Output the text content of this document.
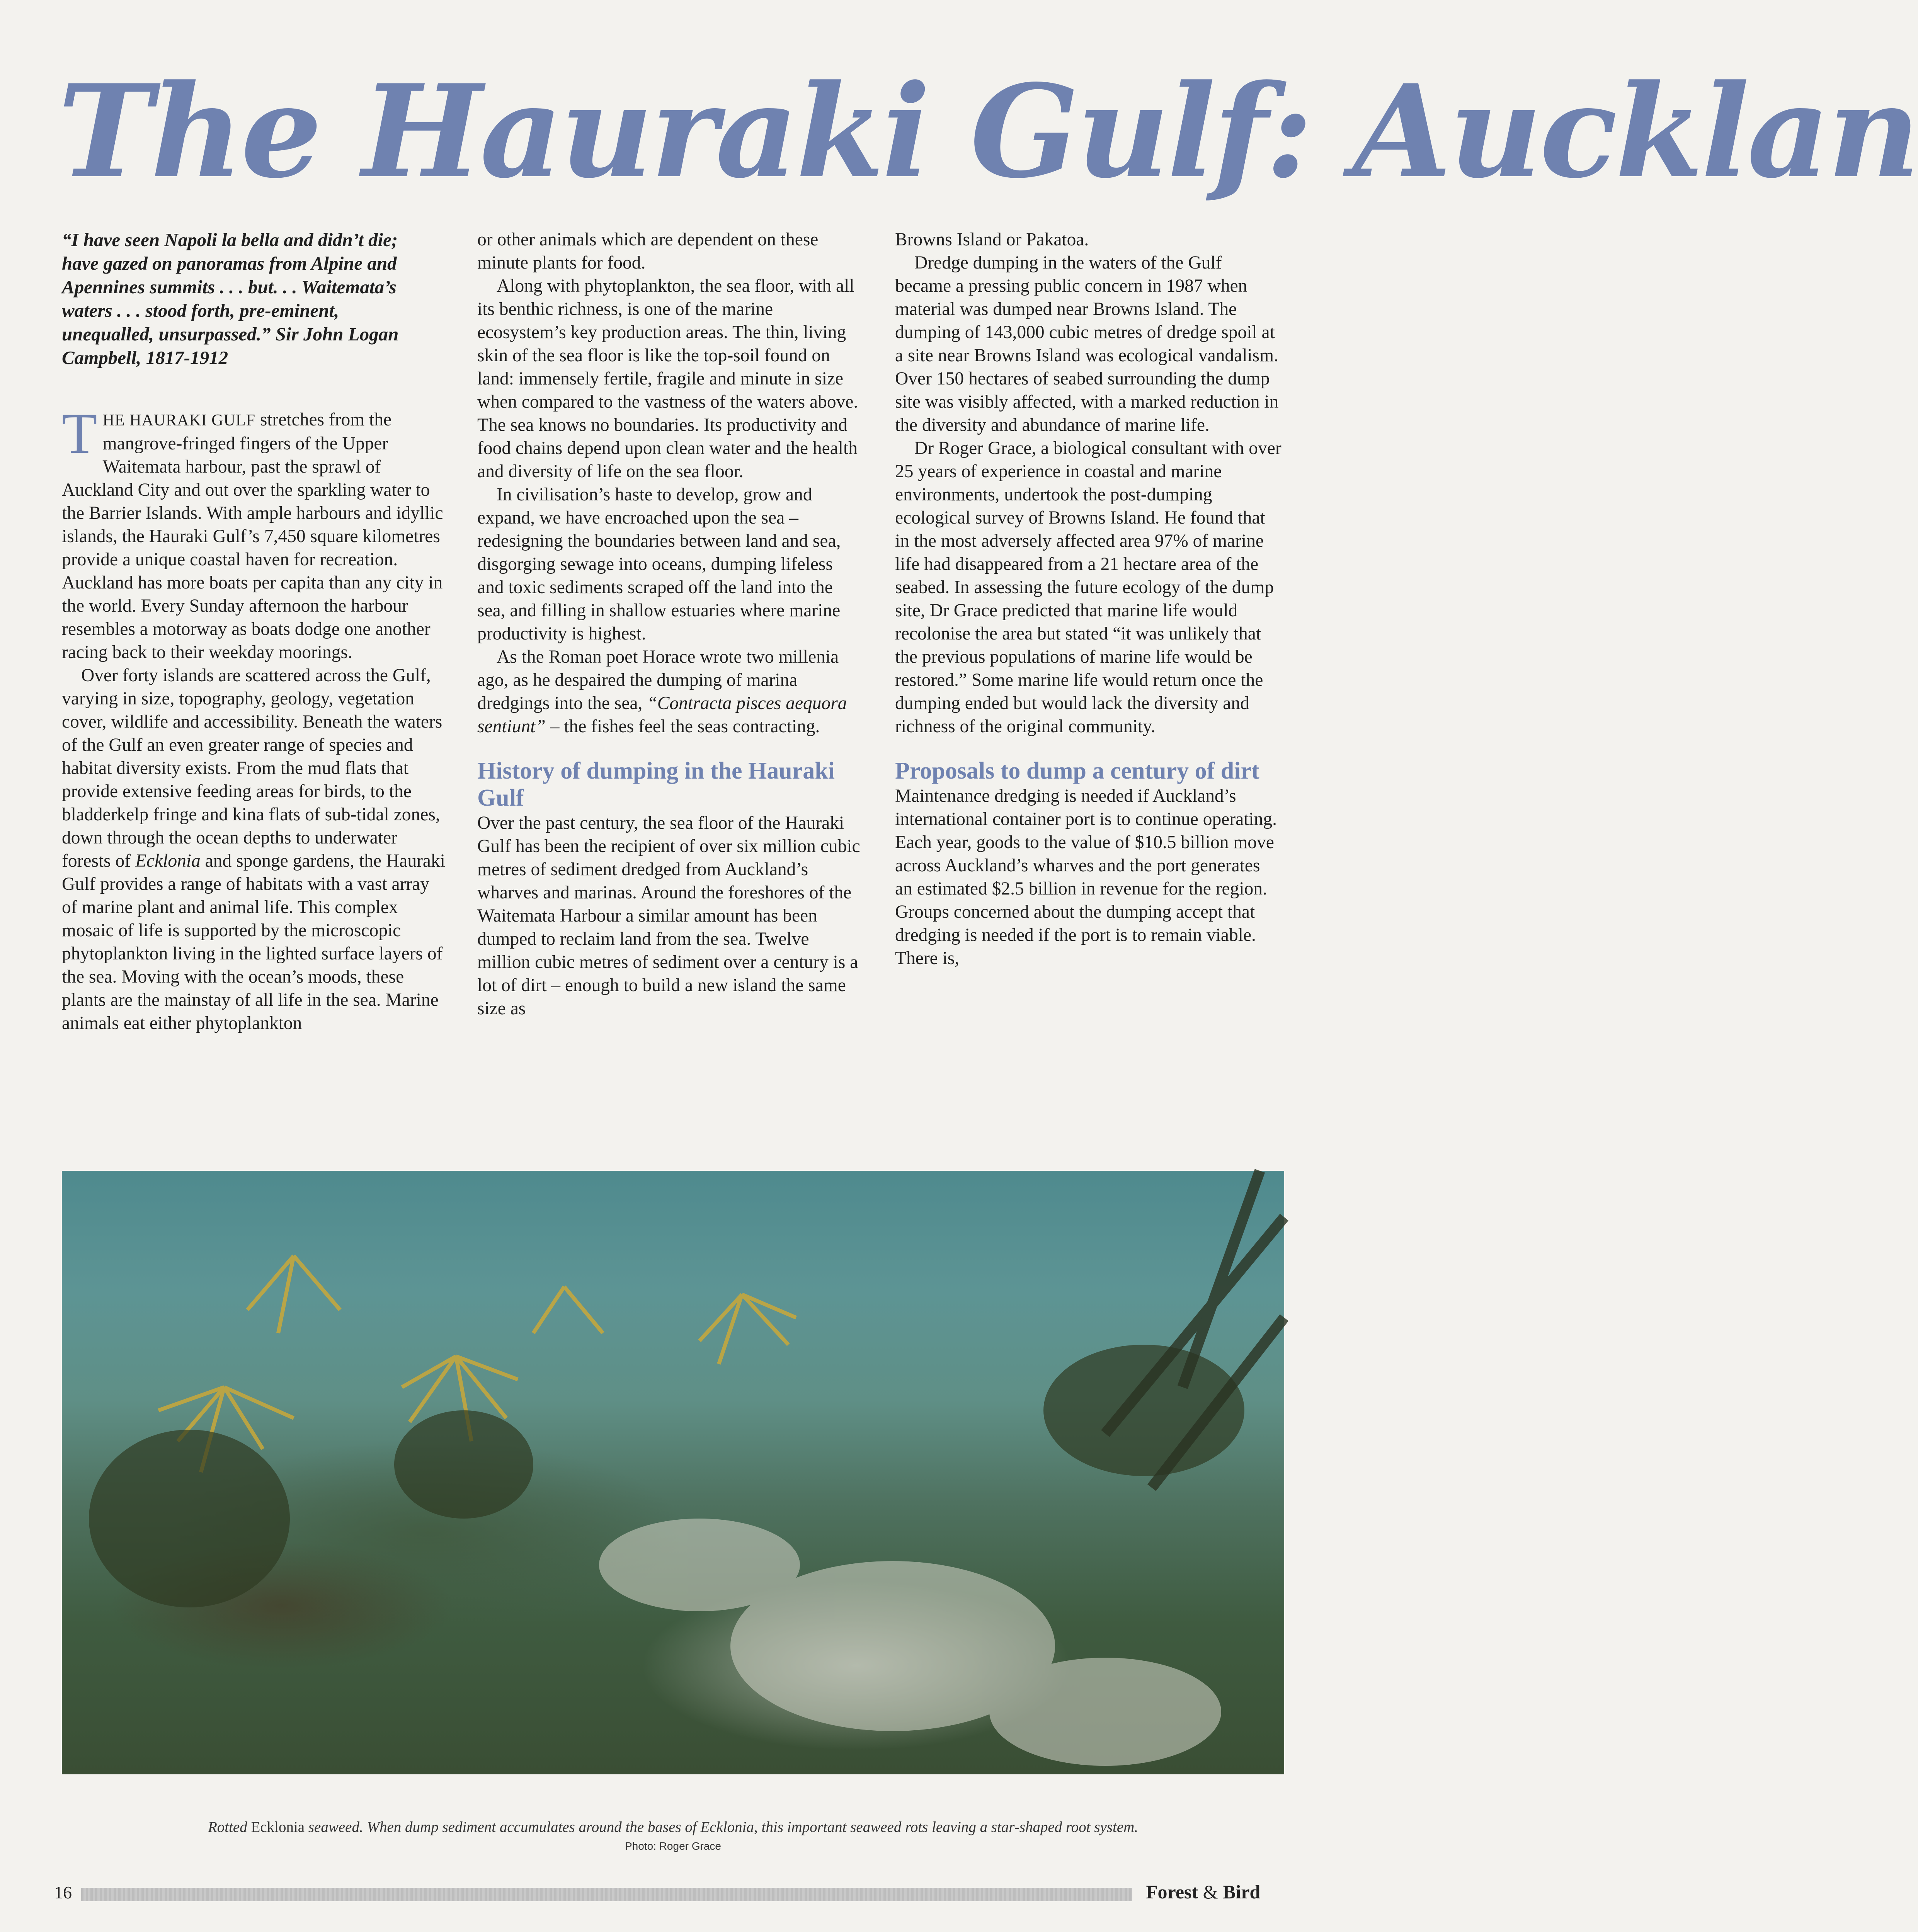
The Hauraki Gulf: Aucklan

“I have seen Napoli la bella and didn’t die; have gazed on panoramas from Alpine and Apennines summits . . . but. . . Waitemata’s waters . . . stood forth, pre-eminent, unequalled, unsurpassed.” Sir John Logan Campbell, 1817-1912

THE HAURAKI GULF stretches from the mangrove-fringed fingers of the Upper Waitemata harbour, past the sprawl of Auckland City and out over the sparkling water to the Barrier Islands. With ample harbours and idyllic islands, the Hauraki Gulf’s 7,450 square kilometres provide a unique coastal haven for recreation. Auckland has more boats per capita than any city in the world. Every Sunday afternoon the harbour resembles a motorway as boats dodge one another racing back to their weekday moorings.

Over forty islands are scattered across the Gulf, varying in size, topography, geology, vegetation cover, wildlife and accessibility. Beneath the waters of the Gulf an even greater range of species and habitat diversity exists. From the mud flats that provide extensive feeding areas for birds, to the bladderkelp fringe and kina flats of sub-tidal zones, down through the ocean depths to underwater forests of Ecklonia and sponge gardens, the Hauraki Gulf provides a range of habitats with a vast array of marine plant and animal life. This complex mosaic of life is supported by the microscopic phytoplankton living in the lighted surface layers of the sea. Moving with the ocean’s moods, these plants are the mainstay of all life in the sea. Marine animals eat either phytoplankton

or other animals which are dependent on these minute plants for food.

Along with phytoplankton, the sea floor, with all its benthic richness, is one of the marine ecosystem’s key production areas. The thin, living skin of the sea floor is like the top-soil found on land: immensely fertile, fragile and minute in size when compared to the vastness of the waters above. The sea knows no boundaries. Its productivity and food chains depend upon clean water and the health and diversity of life on the sea floor.

In civilisation’s haste to develop, grow and expand, we have encroached upon the sea – redesigning the boundaries between land and sea, disgorging sewage into oceans, dumping lifeless and toxic sediments scraped off the land into the sea, and filling in shallow estuaries where marine productivity is highest.

As the Roman poet Horace wrote two millenia ago, as he despaired the dumping of marina dredgings into the sea, “Contracta pisces aequora sentiunt” – the fishes feel the seas contracting.

History of dumping in the Hauraki Gulf

Over the past century, the sea floor of the Hauraki Gulf has been the recipient of over six million cubic metres of sediment dredged from Auckland’s wharves and marinas. Around the foreshores of the Waitemata Harbour a similar amount has been dumped to reclaim land from the sea. Twelve million cubic metres of sediment over a century is a lot of dirt – enough to build a new island the same size as

Browns Island or Pakatoa.

Dredge dumping in the waters of the Gulf became a pressing public concern in 1987 when material was dumped near Browns Island. The dumping of 143,000 cubic metres of dredge spoil at a site near Browns Island was ecological vandalism. Over 150 hectares of seabed surrounding the dump site was visibly affected, with a marked reduction in the diversity and abundance of marine life.

Dr Roger Grace, a biological consultant with over 25 years of experience in coastal and marine environments, undertook the post-dumping ecological survey of Browns Island. He found that in the most adversely affected area 97% of marine life had disappeared from a 21 hectare area of the seabed. In assessing the future ecology of the dump site, Dr Grace predicted that marine life would recolonise the area but stated “it was unlikely that the previous populations of marine life would be restored.” Some marine life would return once the dumping ended but would lack the diversity and richness of the original community.

Proposals to dump a century of dirt

Maintenance dredging is needed if Auckland’s international container port is to continue operating. Each year, goods to the value of $10.5 billion move across Auckland’s wharves and the port generates an estimated $2.5 billion in revenue for the region. Groups concerned about the dumping accept that dredging is needed if the port is to remain viable. There is,

Rotted Ecklonia seaweed. When dump sediment accumulates around the bases of Ecklonia, this important seaweed rots leaving a star-shaped root system.
Photo: Roger Grace
16	Forest & Bird
